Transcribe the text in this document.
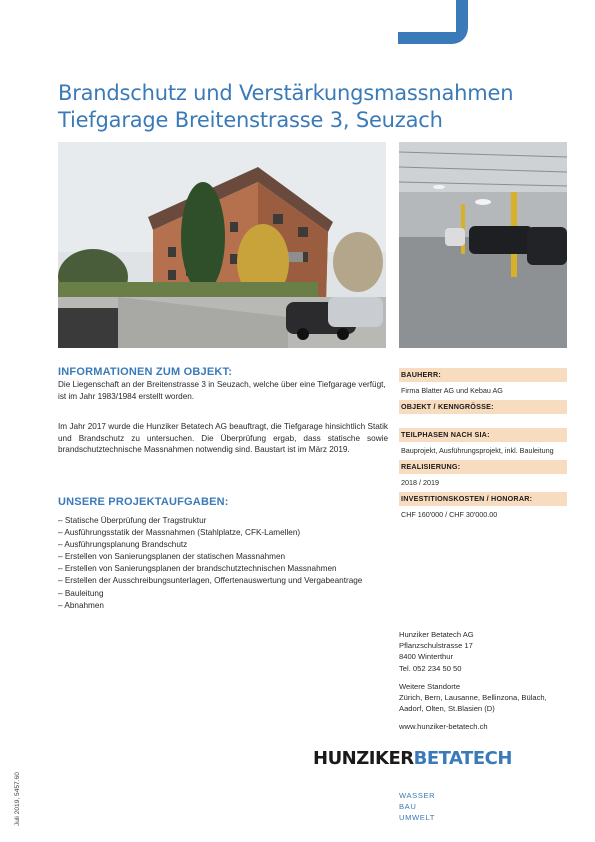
Brandschutz und Verstärkungsmassnahmen
Tiefgarage Breitenstrasse 3, Seuzach
INFORMATIONEN ZUM OBJEKT:
Die Liegenschaft an der Breitenstrasse 3 in Seuzach, welche über eine Tiefgarage verfügt, ist im Jahr 1983/1984 erstellt worden.
Im Jahr 2017 wurde die Hunziker Betatech AG beauftragt, die Tiefgarage hinsichtlich Statik und Brandschutz zu untersuchen. Die Überprüfung ergab, dass statische sowie brandschutztechnische Massnahmen notwendig sind. Baustart ist im März 2019.
UNSERE PROJEKTAUFGABEN:
– Statische Überprüfung der Tragstruktur
– Ausführungsstatik der Massnahmen (Stahlplatze, CFK-Lamellen)
– Ausführungsplanung Brandschutz
– Erstellen von Sanierungsplanen der statischen Massnahmen
– Erstellen von Sanierungsplanen der brandschutztechnischen Massnahmen
– Erstellen der Ausschreibungsunterlagen, Offertenauswertung und Vergabeantrage
– Bauleitung
– Abnahmen
BAUHERR:
Firma Blatter AG und Kebau AG
OBJEKT / KENNGRÖSSE:
TEILPHASEN NACH SIA:
Bauprojekt, Ausführungsprojekt, inkl. Bauleitung
REALISIERUNG:
2018 / 2019
INVESTITIONSKOSTEN / HONORAR:
CHF 160'000 / CHF 30'000.00
Hunziker Betatech AG
Pflanzschulstrasse 17
8400 Winterthur
Tel. 052 234 50 50
Weitere Standorte
Zürich, Bern, Lausanne, Bellinzona, Bülach,
Aadorf, Olten, St.Blasien (D)
www.hunziker-betatech.ch
HUNZIKERBETATECH
WASSER
BAU
UMWELT
Juli 2019, 5457.60
